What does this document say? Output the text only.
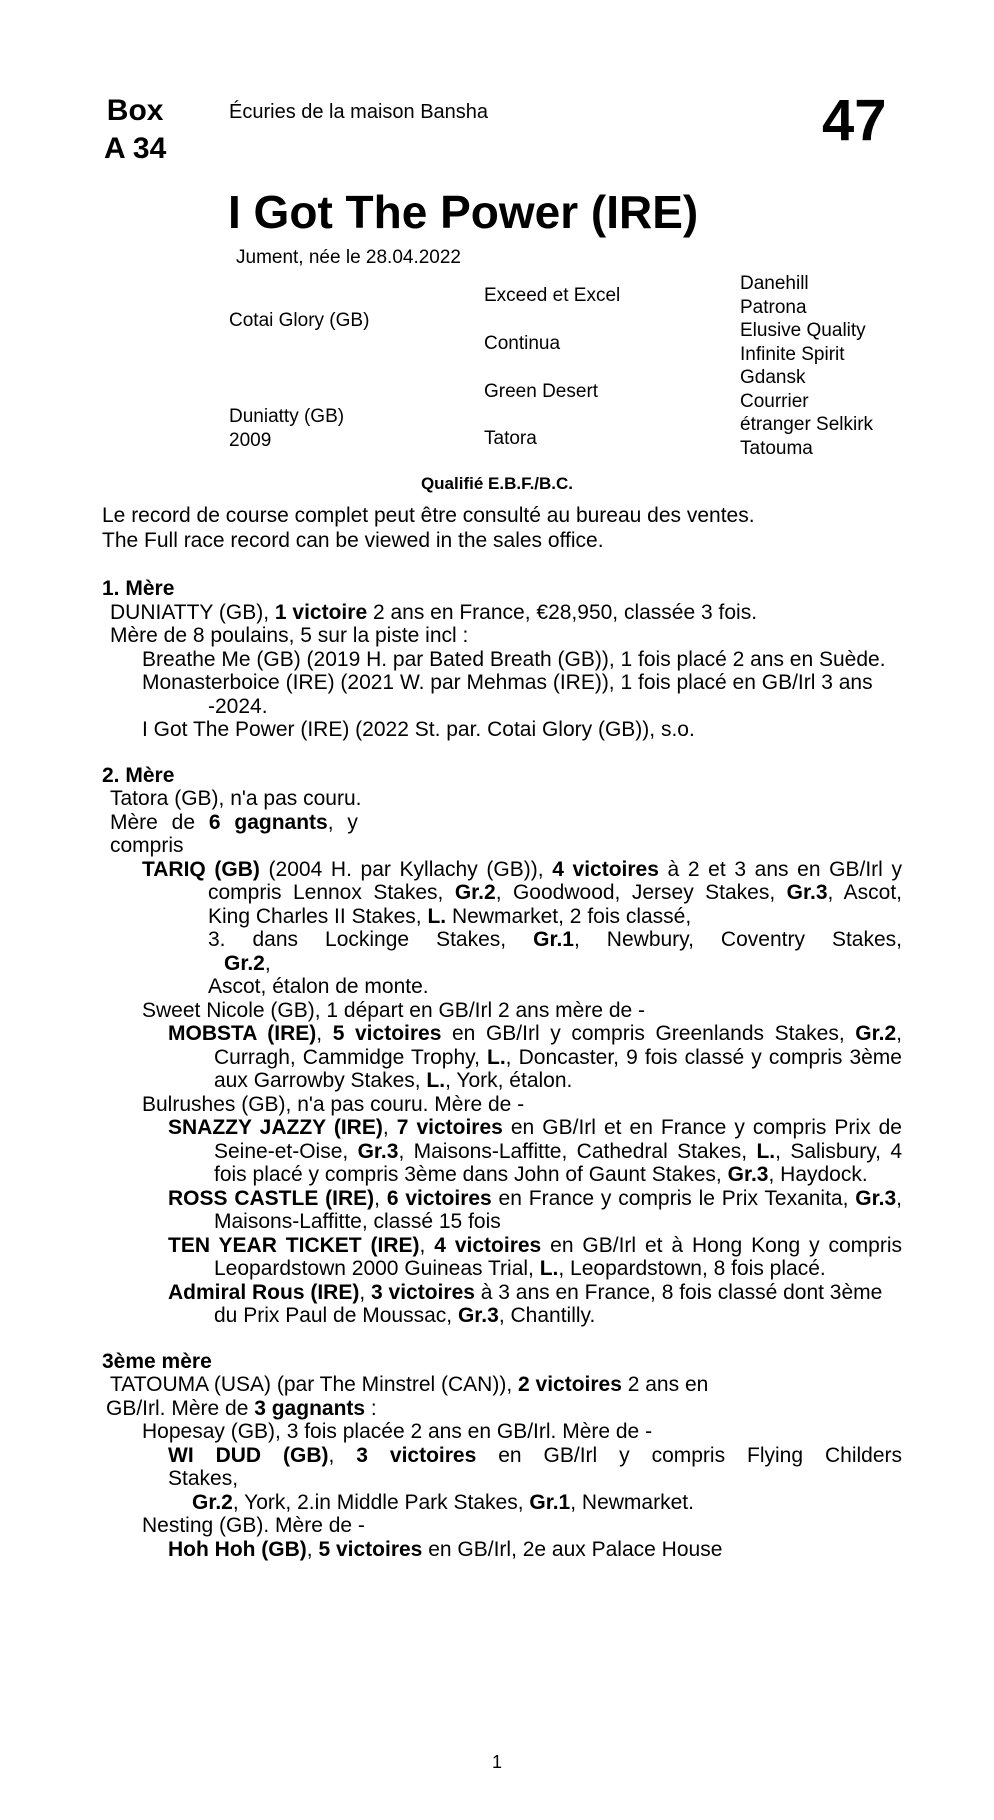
Box
A 34
Écuries de la maison Bansha	47
I Got The Power (IRE)
Jument, née le 28.04.2022
Cotai Glory (GB)
Duniatty (GB)
2009
Exceed et Excel
Continua
Green Desert
Tatora
Danehill
Patrona
Elusive Quality
Infinite Spirit
Gdansk
Courrier
étranger Selkirk
Tatouma
Qualifié E.B.F./B.C.
Le record de course complet peut être consulté au bureau des ventes.
The Full race record can be viewed in the sales office.

1. Mère

DUNIATTY (GB), 1 victoire 2 ans en France, €28,950, classée 3 fois.

Mère de 8 poulains, 5 sur la piste incl :

Breathe Me (GB) (2019 H. par Bated Breath (GB)), 1 fois placé 2 ans en Suède.

Monasterboice (IRE) (2021 W. par Mehmas (IRE)), 1 fois placé en GB/Irl 3 ans -2024.

I Got The Power (IRE) (2022 St. par. Cotai Glory (GB)), s.o.

2. Mère

Tatora (GB), n'a pas couru.

Mère de 6 gagnants, y

compris

TARIQ (GB) (2004 H. par Kyllachy (GB)), 4 victoires à 2 et 3 ans en GB/Irl y compris Lennox Stakes, Gr.2, Goodwood, Jersey Stakes, Gr.3, Ascot, King Charles II Stakes, L. Newmarket, 2 fois classé,
3. dans Lockinge Stakes, Gr.1, Newbury, Coventry Stakes,
Gr.2,
Ascot, étalon de monte.

Sweet Nicole (GB), 1 départ en GB/Irl 2 ans mère de -

MOBSTA (IRE), 5 victoires en GB/Irl y compris Greenlands Stakes, Gr.2, Curragh, Cammidge Trophy, L., Doncaster, 9 fois classé y compris 3ème aux Garrowby Stakes, L., York, étalon.

Bulrushes (GB), n'a pas couru. Mère de -

SNAZZY JAZZY (IRE), 7 victoires en GB/Irl et en France y compris Prix de Seine-et-Oise, Gr.3, Maisons-Laffitte, Cathedral Stakes, L., Salisbury, 4 fois placé y compris 3ème dans John of Gaunt Stakes, Gr.3, Haydock.
ROSS CASTLE (IRE), 6 victoires en France y compris le Prix Texanita, Gr.3, Maisons-Laffitte, classé 15 fois
TEN YEAR TICKET (IRE), 4 victoires en GB/Irl et à Hong Kong y compris Leopardstown 2000 Guineas Trial, L., Leopardstown, 8 fois placé.
Admiral Rous (IRE), 3 victoires à 3 ans en France, 8 fois classé dont 3ème du Prix Paul de Moussac, Gr.3, Chantilly.

3ème mère

TATOUMA (USA) (par The Minstrel (CAN)), 2 victoires 2 ans en

GB/Irl. Mère de 3 gagnants :

Hopesay (GB), 3 fois placée 2 ans en GB/Irl. Mère de -

WI DUD (GB), 3 victoires en GB/Irl y compris Flying Childers Stakes,
Gr.2, York, 2.in Middle Park Stakes, Gr.1, Newmarket.

Nesting (GB). Mère de -

Hoh Hoh (GB), 5 victoires en GB/Irl, 2e aux Palace House
1
